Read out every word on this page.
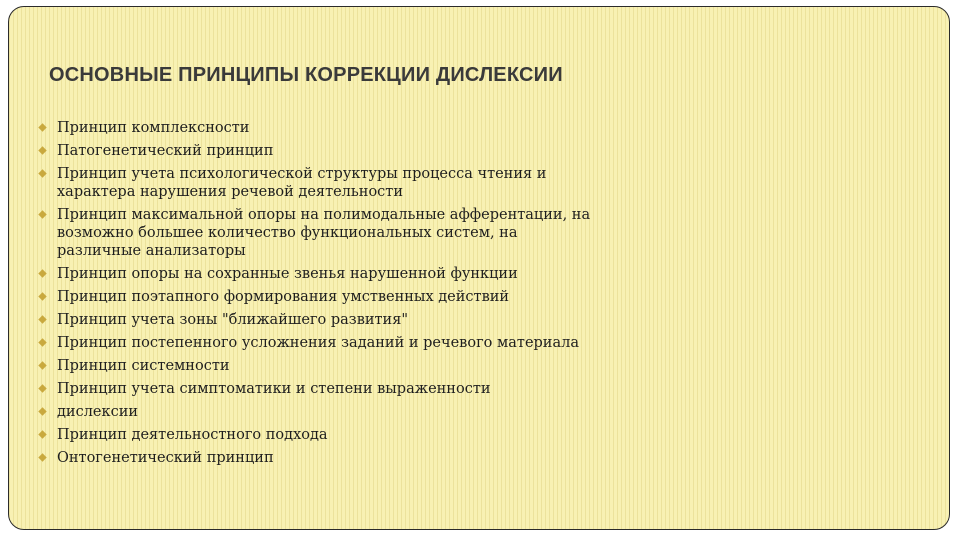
ОСНОВНЫЕ ПРИНЦИПЫ КОРРЕКЦИИ ДИСЛЕКСИИ
Принцип комплексности
Патогенетический принцип
Принцип учета психологической структуры процесса чтения и
характера нарушения речевой деятельности
Принцип максимальной опоры на полимодальные афферентации, на
возможно большее количество функциональных систем, на
различные анализаторы
Принцип опоры на сохранные звенья нарушенной функции
Принцип поэтапного формирования умственных действий
Принцип учета зоны "ближайшего развития"
Принцип постепенного усложнения заданий и речевого материала
Принцип системности
Принцип учета симптоматики и степени выраженности
дислексии
Принцип деятельностного подхода
Онтогенетический принцип
